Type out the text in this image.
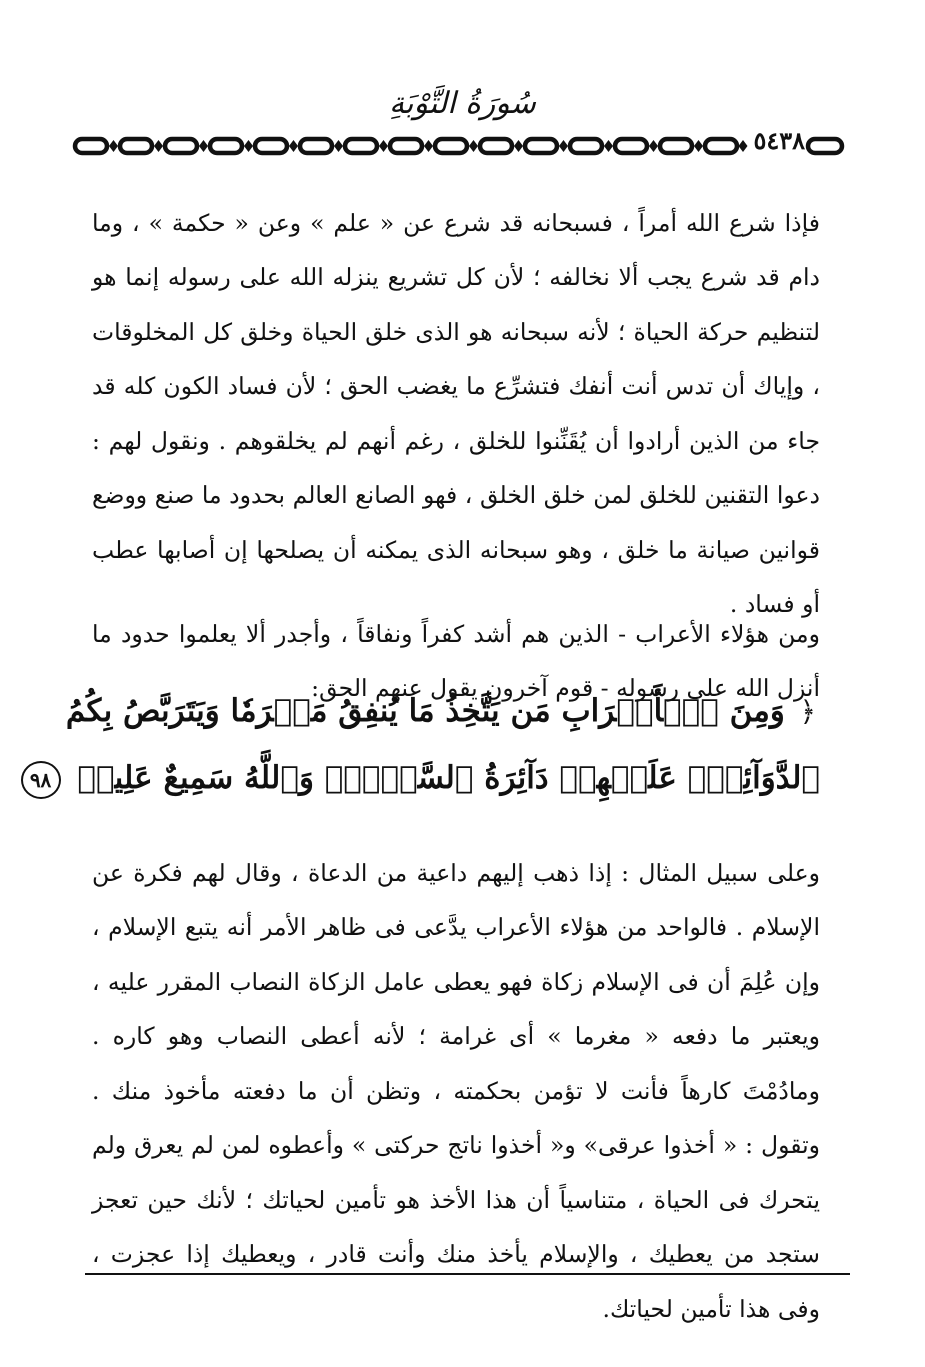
سُورَةُ التَّوْبَةِ
٥٤٣٨

فإذا شرع الله أمراً ، فسبحانه قد شرع عن « علم » وعن « حكمة » ، وما دام قد شرع يجب ألا نخالفه ؛ لأن كل تشريع ينزله الله على رسوله إنما هو لتنظيم حركة الحياة ؛ لأنه سبحانه هو الذى خلق الحياة وخلق كل المخلوقات ، وإياك أن تدس أنت أنفك فتشرِّع ما يغضب الحق ؛ لأن فساد الكون كله قد جاء من الذين أرادوا أن يُقَنِّنوا للخلق ، رغم أنهم لم يخلقوهم . ونقول لهم : دعوا التقنين للخلق لمن خلق الخلق ، فهو الصانع العالم بحدود ما صنع ووضع قوانين صيانة ما خلق ، وهو سبحانه الذى يمكنه أن يصلحها إن أصابها عطب أو فساد .

ومن هؤلاء الأعراب - الذين هم أشد كفراً ونفاقاً ، وأجدر ألا يعلموا حدود ما أنزل الله على رسوله - قوم آخرون يقول عنهم الحق:

﴿ وَمِنَ ٱلۡأَعۡرَابِ مَن يَتَّخِذُ مَا يُنفِقُ مَغۡرَمٗا وَيَتَرَبَّصُ بِكُمُ
ٱلدَّوَآئِرَۚ عَلَيۡهِمۡ دَآئِرَةُ ٱلسَّوۡءِۗ وَٱللَّهُ سَمِيعٌ عَلِيمٞ ٩٨

وعلى سبيل المثال : إذا ذهب إليهم داعية من الدعاة ، وقال لهم فكرة عن الإسلام . فالواحد من هؤلاء الأعراب يدَّعى فى ظاهر الأمر أنه يتبع الإسلام ، وإن عُلِمَ أن فى الإسلام زكاة فهو يعطى عامل الزكاة النصاب المقرر عليه ، ويعتبر ما دفعه « مغرما » أى غرامة ؛ لأنه أعطى النصاب وهو كاره . ومادُمْتَ كارهاً فأنت لا تؤمن بحكمته ، وتظن أن ما دفعته مأخوذ منك . وتقول : « أخذوا عرقى» و« أخذوا ناتج حركتى » وأعطوه لمن لم يعرق ولم يتحرك فى الحياة ، متناسياً أن هذا الأخذ هو تأمين لحياتك ؛ لأنك حين تعجز ستجد من يعطيك ، والإسلام يأخذ منك وأنت قادر ، ويعطيك إذا عجزت ، وفى هذا تأمين لحياتك.
